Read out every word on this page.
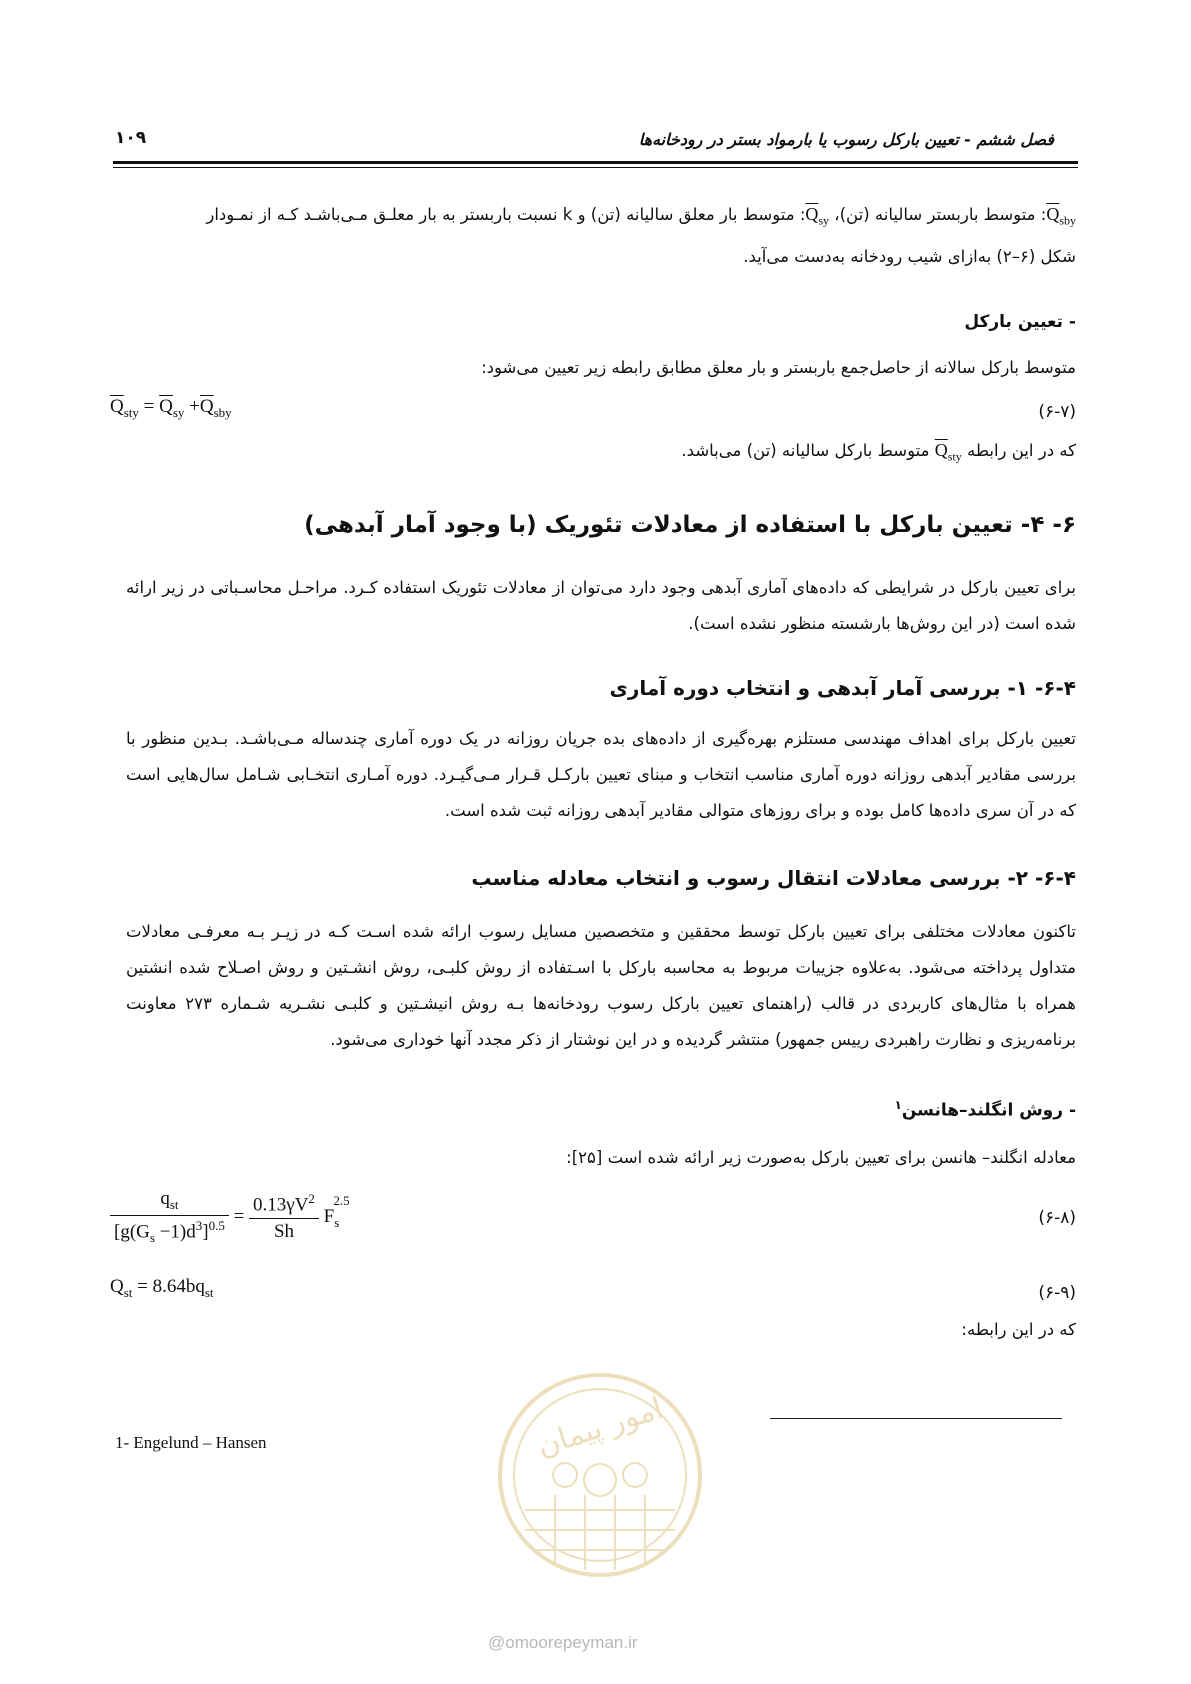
فصل ششم - تعیین بارکل رسوب یا بارمواد بستر در رودخانه‌ها
۱۰۹
$\overline{Q}_{sby}$: متوسط باربستر سالیانه (تن)، $\overline{Q}_{sy}$: متوسط بار معلق سالیانه (تن) و k نسبت باربستر به بار معلـق مـی‌باشـد کـه از نمـودار
شکل (۶–۲) به‌ازای شیب رودخانه به‌دست می‌آید.
- تعیین بارکل
متوسط بارکل سالانه از حاصل‌جمع باربستر و بار معلق مطابق رابطه زیر تعیین می‌شود:
$\overline{Q}_{sty} = \overline{Q}_{sy} +\overline{Q}_{sby}$	(۶-۷)
که در این رابطه $\overline{Q}_{sty}$ متوسط بارکل سالیانه (تن) می‌باشد.
۶- ۴- تعیین بارکل با استفاده از معادلات تئوریک (با وجود آمار آبدهی)
برای تعیین بارکل در شرایطی که داده‌های آماری آبدهی وجود دارد می‌توان از معادلات تئوریک استفاده کـرد. مراحـل محاسـباتی در زیر ارائه شده است (در این روش‌ها بارشسته منظور نشده است).
۶-۴- ۱- بررسی آمار آبدهی و انتخاب دوره آماری
تعیین بارکل برای اهداف مهندسی مستلزم بهره‌گیری از داده‌های بده جریان روزانه در یک دوره آماری چندساله مـی‌باشـد. بـدین منظور با بررسی مقادیر آبدهی روزانه دوره آماری مناسب انتخاب و مبنای تعیین بارکـل قـرار مـی‌گیـرد. دوره آمـاری انتخـابی شـامل سال‌هایی است که در آن سری داده‌ها کامل بوده و برای روزهای متوالی مقادیر آبدهی روزانه ثبت شده است.
۶-۴- ۲- بررسی معادلات انتقال رسوب و انتخاب معادله مناسب
تاکنون معادلات مختلفی برای تعیین بارکل توسط محققین و متخصصین مسایل رسوب ارائه شده اسـت کـه در زیـر بـه معرفـی معادلات متداول پرداخته می‌شود. به‌علاوه جزییات مربوط به محاسبه بارکل با اسـتفاده از روش کلبـی، روش انشـتین و روش اصـلاح شده انشتین همراه با مثال‌های کاربردی در قالب (راهنمای تعیین بارکل رسوب رودخانه‌ها بـه روش انیشـتین و کلبـی نشـریه شـماره ۲۷۳ معاونت برنامه‌ریزی و نظارت راهبردی رییس جمهور) منتشر گردیده و در این نوشتار از ذکر مجدد آنها خوداری می‌شود.
- روش انگلند–هانسن$^۱$
معادله انگلند– هانسن برای تعیین بارکل به‌صورت زیر ارائه شده است [۲۵]:
$\frac{q_{st}}{[g(G_s -1)d^3]^{0.5}} = \frac{0.13\gamma V^2}{Sh} F_s^{2.5}$
(۶-۸)
$Q_{st} = 8.64bq_{st}$	(۶-۹)
که در این رابطه:
1- Engelund – Hansen	امور پیمان
@omoorepeyman.ir
